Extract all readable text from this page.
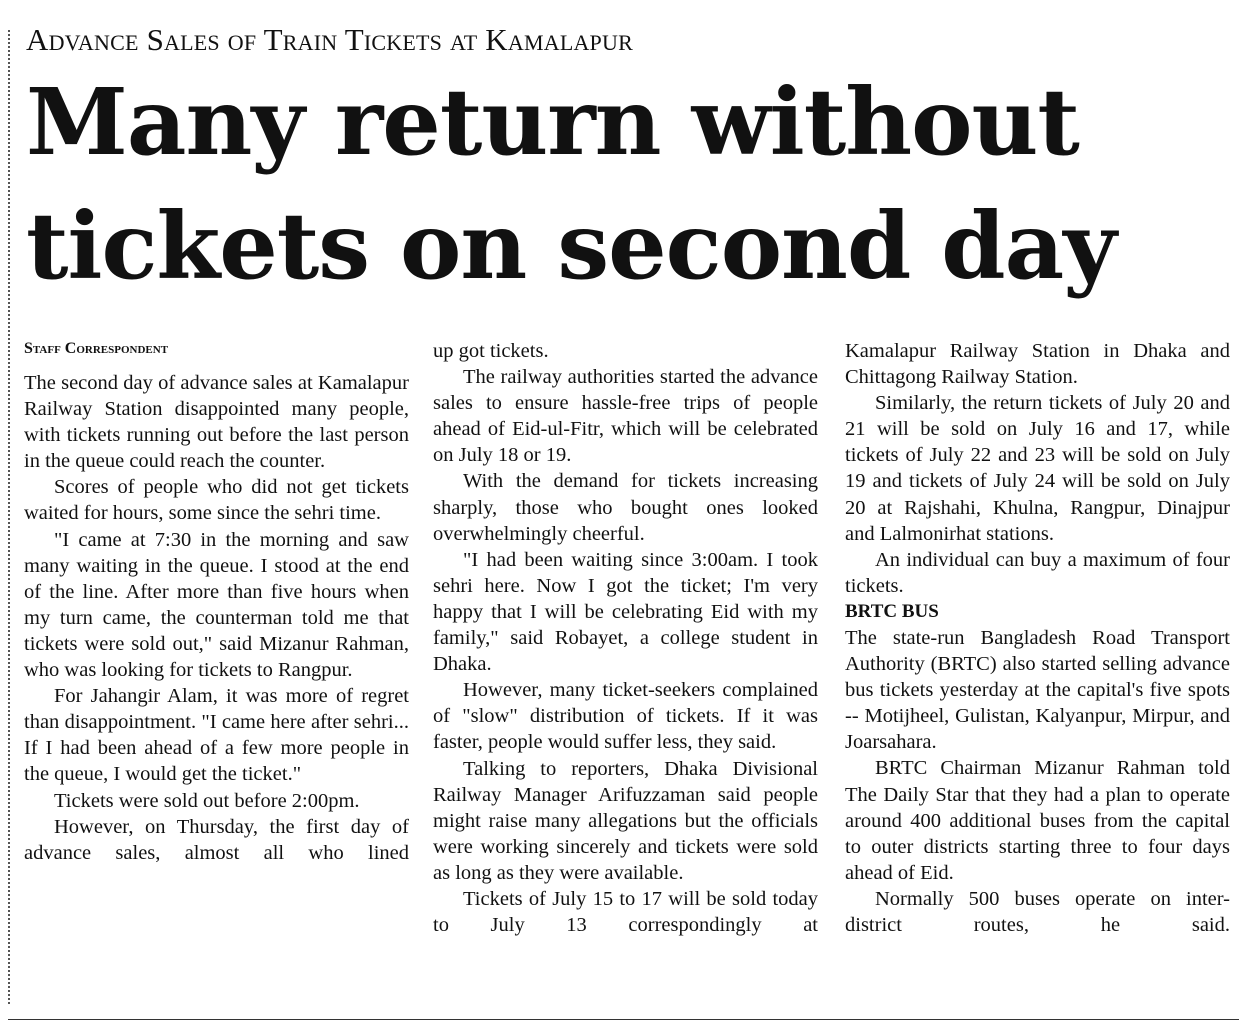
Advance Sales of Train Tickets at Kamalapur
Many return without tickets on second day
Staff Correspondent

The second day of advance sales at Kamalapur Railway Station disappointed many people, with tickets running out before the last person in the queue could reach the counter.

Scores of people who did not get tickets waited for hours, some since the sehri time.

"I came at 7:30 in the morning and saw many waiting in the queue. I stood at the end of the line. After more than five hours when my turn came, the counterman told me that tickets were sold out," said Mizanur Rahman, who was looking for tickets to Rangpur.

For Jahangir Alam, it was more of regret than disappointment. "I came here after sehri... If I had been ahead of a few more people in the queue, I would get the ticket."

Tickets were sold out before 2:00pm.

However, on Thursday, the first day of advance sales, almost all who lined

up got tickets.

The railway authorities started the advance sales to ensure hassle-free trips of people ahead of Eid-ul-Fitr, which will be celebrated on July 18 or 19.

With the demand for tickets increasing sharply, those who bought ones looked overwhelmingly cheerful.

"I had been waiting since 3:00am. I took sehri here. Now I got the ticket; I'm very happy that I will be celebrating Eid with my family," said Robayet, a college student in Dhaka.

However, many ticket-seekers complained of "slow" distribution of tickets. If it was faster, people would suffer less, they said.

Talking to reporters, Dhaka Divisional Railway Manager Arifuzzaman said people might raise many allegations but the officials were working sincerely and tickets were sold as long as they were available.

Tickets of July 15 to 17 will be sold today to July 13 correspondingly at

Kamalapur Railway Station in Dhaka and Chittagong Railway Station.

Similarly, the return tickets of July 20 and 21 will be sold on July 16 and 17, while tickets of July 22 and 23 will be sold on July 19 and tickets of July 24 will be sold on July 20 at Rajshahi, Khulna, Rangpur, Dinajpur and Lalmonirhat stations.

An individual can buy a maximum of four tickets.

BRTC BUS

The state-run Bangladesh Road Transport Authority (BRTC) also started selling advance bus tickets yesterday at the capital's five spots -- Motijheel, Gulistan, Kalyanpur, Mirpur, and Joarsahara.

BRTC Chairman Mizanur Rahman told The Daily Star that they had a plan to operate around 400 additional buses from the capital to outer districts starting three to four days ahead of Eid.

Normally 500 buses operate on inter-district routes, he said.
